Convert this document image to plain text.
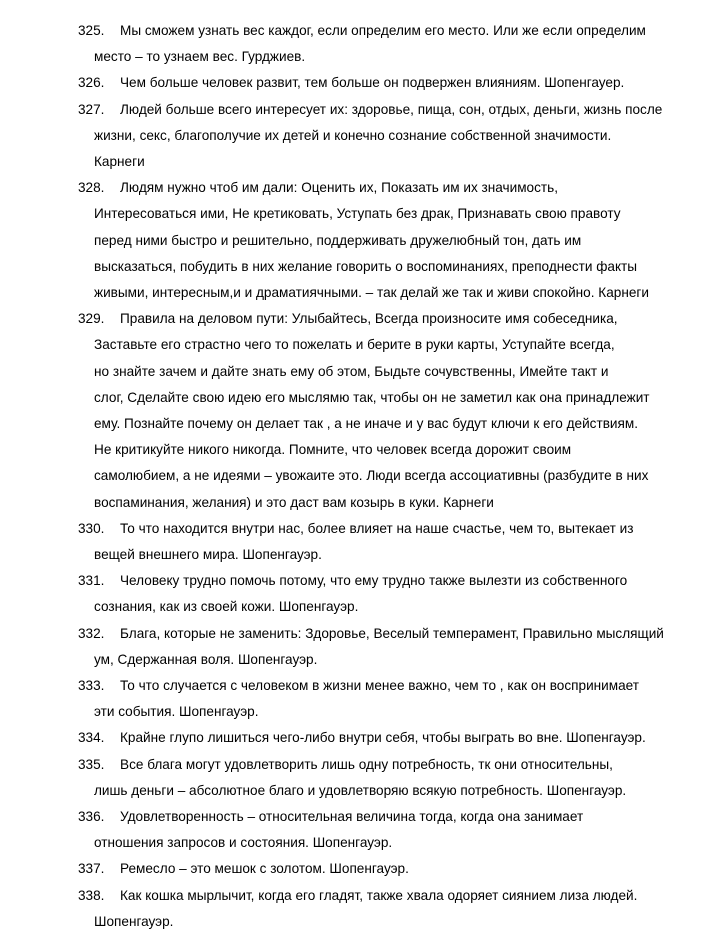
325. Мы сможем узнать вес каждог, если определим его место. Или же если определим
место – то узнаем вес. Гурджиев.
326. Чем больше человек развит, тем больше он подвержен влияниям. Шопенгауер.
327. Людей больше всего интересует их: здоровье, пища, сон, отдых, деньги, жизнь после
жизни, секс, благополучие их детей и конечно сознание собственной значимости.
Карнеги
328. Людям нужно чтоб им дали: Оценить их, Показать им их значимость,
Интересоваться ими, Не кретиковать, Уступать без драк, Признавать свою правоту
перед ними быстро и решительно, поддерживать дружелюбный тон, дать им
высказаться, побудить в них желание говорить о воспоминаниях, преподнести факты
живыми, интересным,и и драматиячными. – так делай же так и живи спокойно. Карнеги
329. Правила на деловом пути: Улыбайтесь, Всегда произносите имя собеседника,
Заставьте его страстно чего то пожелать и берите в руки карты, Уступайте всегда,
но знайте зачем и дайте знать ему об этом, Быдьте сочувственны, Имейте такт и
слог, Сделайте свою идею его мыслямю так, чтобы он не заметил как она принадлежит
ему. Познайте почему он делает так , а не иначе и у вас будут ключи к его действиям.
Не критикуйте никого никогда. Помните, что человек всегда дорожит своим
самолюбием, а не идеями – увожаите это. Люди всегда ассоциативны (разбудите в них
воспаминания, желания) и это даст вам козырь в куки. Карнеги
330. То что находится внутри нас, более влияет на наше счастье, чем то, вытекает из
вещей внешнего мира. Шопенгауэр.
331. Человеку трудно помочь потому, что ему трудно также вылезти из собственного
сознания, как из своей кожи. Шопенгауэр.
332. Блага, которые не заменить: Здоровье, Веселый темперамент, Правильно мыслящий
ум, Сдержанная воля. Шопенгауэр.
333. То что случается с человеком в жизни менее важно, чем то , как он воспринимает
эти события. Шопенгауэр.
334. Крайне глупо лишиться чего-либо внутри себя, чтобы выграть во вне. Шопенгауэр.
335. Все блага могут удовлетворить лишь одну потребность, тк они относительны,
лишь деньги – абсолютное благо и удовлетворяю всякую потребность. Шопенгауэр.
336. Удовлетворенность – относительная величина тогда, когда она занимает
отношения запросов и состояния. Шопенгауэр.
337. Ремесло – это мешок с золотом. Шопенгауэр.
338. Как кошка мырлычит, когда его гладят, также хвала одоряет сиянием лиза людей.
Шопенгауэр.
